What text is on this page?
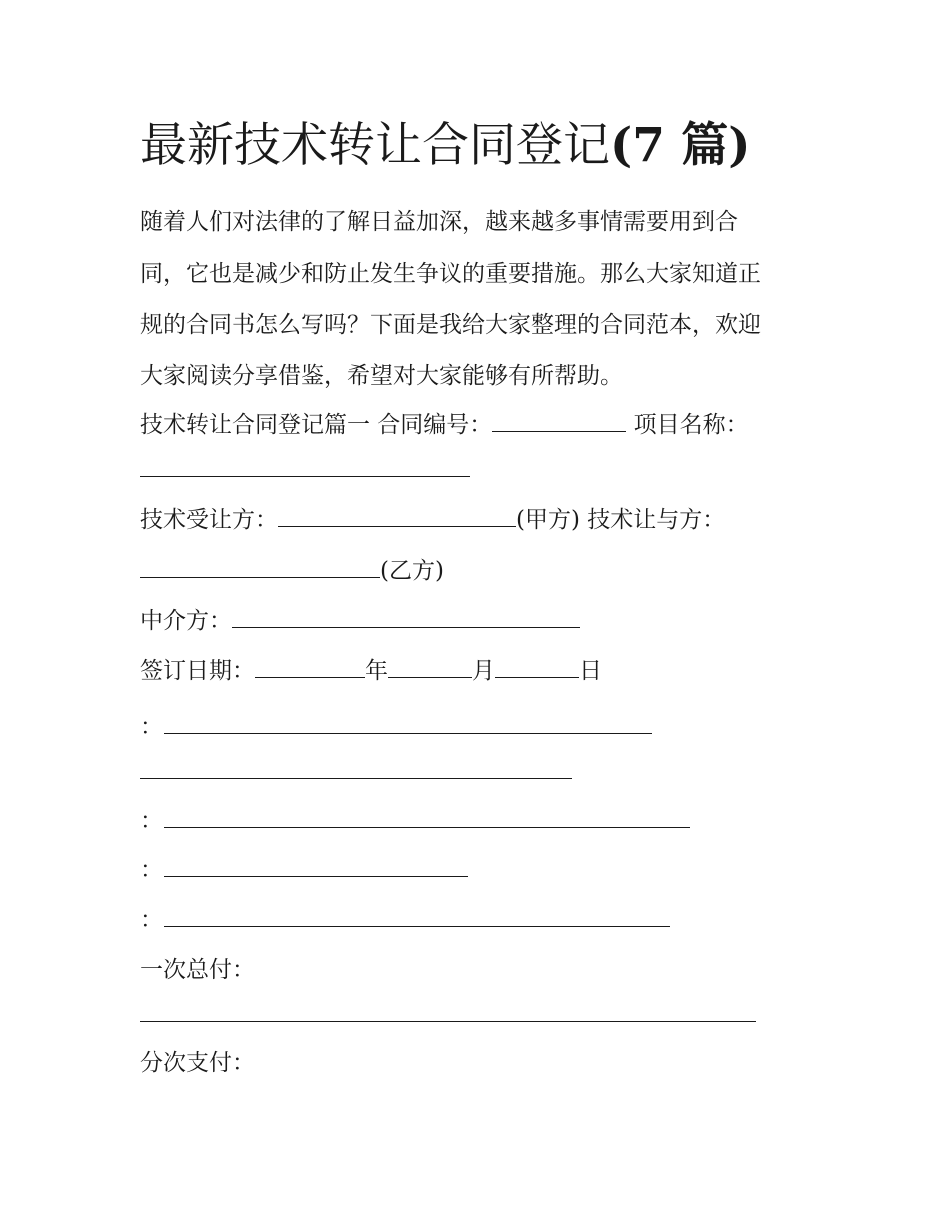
最新技术转让合同登记(7 篇)
随着人们对法律的了解日益加深，越来越多事情需要用到合
同，它也是减少和防止发生争议的重要措施。那么大家知道正
规的合同书怎么写吗？下面是我给大家整理的合同范本，欢迎
大家阅读分享借鉴，希望对大家能够有所帮助。
技术转让合同登记篇一 合同编号：	项目名称：
技术受让方：	(甲方) 技术让与方：
(乙方)
中介方：
签订日期：	年	月	日
：
：
：
：
一次总付：
分次支付：
